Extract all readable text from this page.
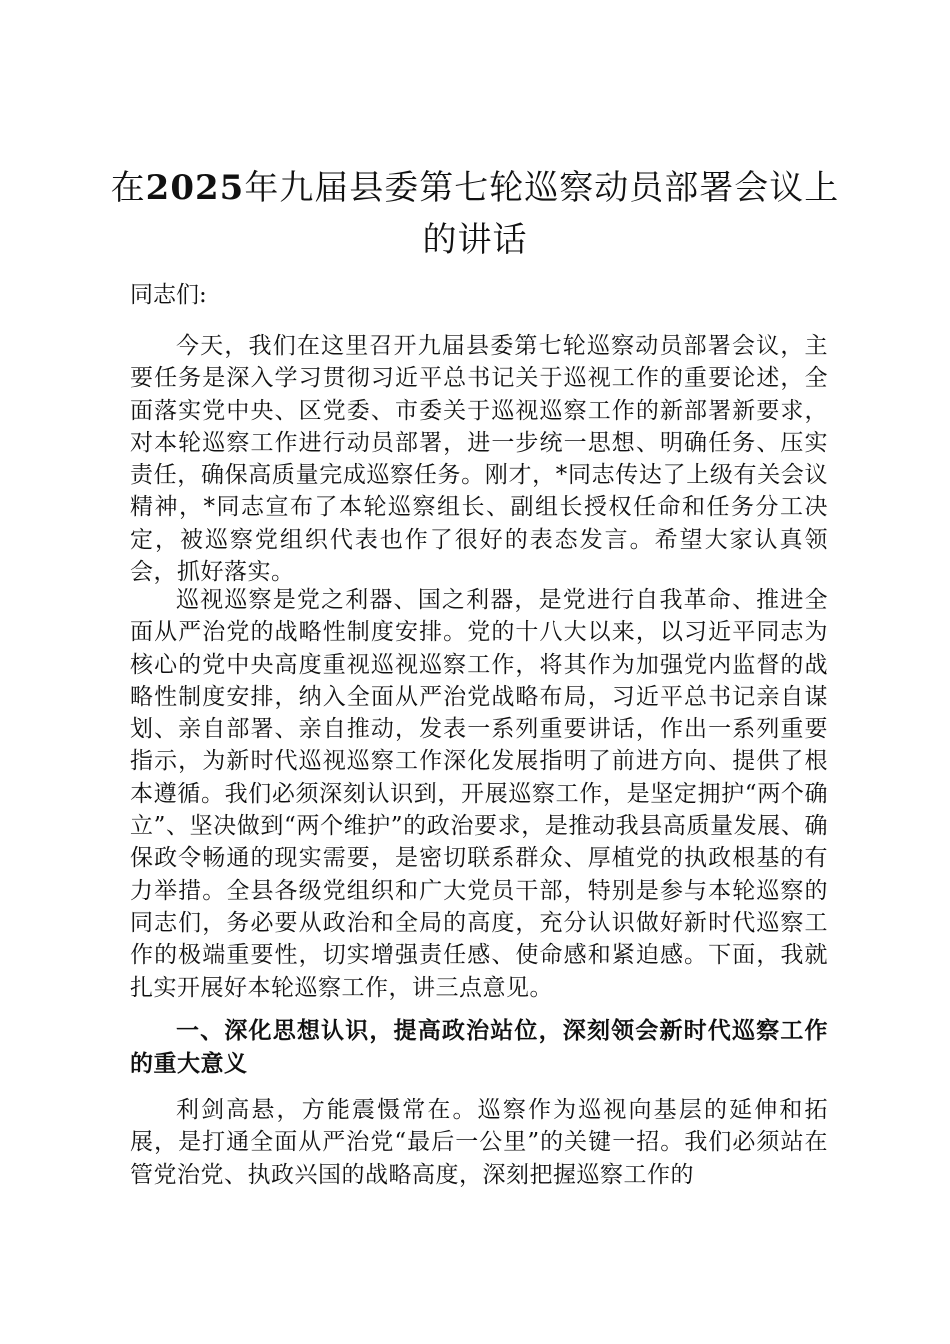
在2025年九届县委第七轮巡察动员部署会议上的讲话

同志们:

今天，我们在这里召开九届县委第七轮巡察动员部署会议，主要任务是深入学习贯彻习近平总书记关于巡视工作的重要论述，全面落实党中央、区党委、市委关于巡视巡察工作的新部署新要求，对本轮巡察工作进行动员部署，进一步统一思想、明确任务、压实责任，确保高质量完成巡察任务。刚才，*同志传达了上级有关会议精神，*同志宣布了本轮巡察组长、副组长授权任命和任务分工决定，被巡察党组织代表也作了很好的表态发言。希望大家认真领会，抓好落实。

巡视巡察是党之利器、国之利器，是党进行自我革命、推进全面从严治党的战略性制度安排。党的十八大以来，以习近平同志为核心的党中央高度重视巡视巡察工作，将其作为加强党内监督的战略性制度安排，纳入全面从严治党战略布局，习近平总书记亲自谋划、亲自部署、亲自推动，发表一系列重要讲话，作出一系列重要指示，为新时代巡视巡察工作深化发展指明了前进方向、提供了根本遵循。我们必须深刻认识到，开展巡察工作，是坚定拥护“两个确立”、坚决做到“两个维护”的政治要求，是推动我县高质量发展、确保政令畅通的现实需要，是密切联系群众、厚植党的执政根基的有力举措。全县各级党组织和广大党员干部，特别是参与本轮巡察的同志们，务必要从政治和全局的高度，充分认识做好新时代巡察工作的极端重要性，切实增强责任感、使命感和紧迫感。下面，我就扎实开展好本轮巡察工作，讲三点意见。

一、深化思想认识，提高政治站位，深刻领会新时代巡察工作的重大意义

利剑高悬，方能震慑常在。巡察作为巡视向基层的延伸和拓展，是打通全面从严治党“最后一公里”的关键一招。我们必须站在管党治党、执政兴国的战略高度，深刻把握巡察工作的
